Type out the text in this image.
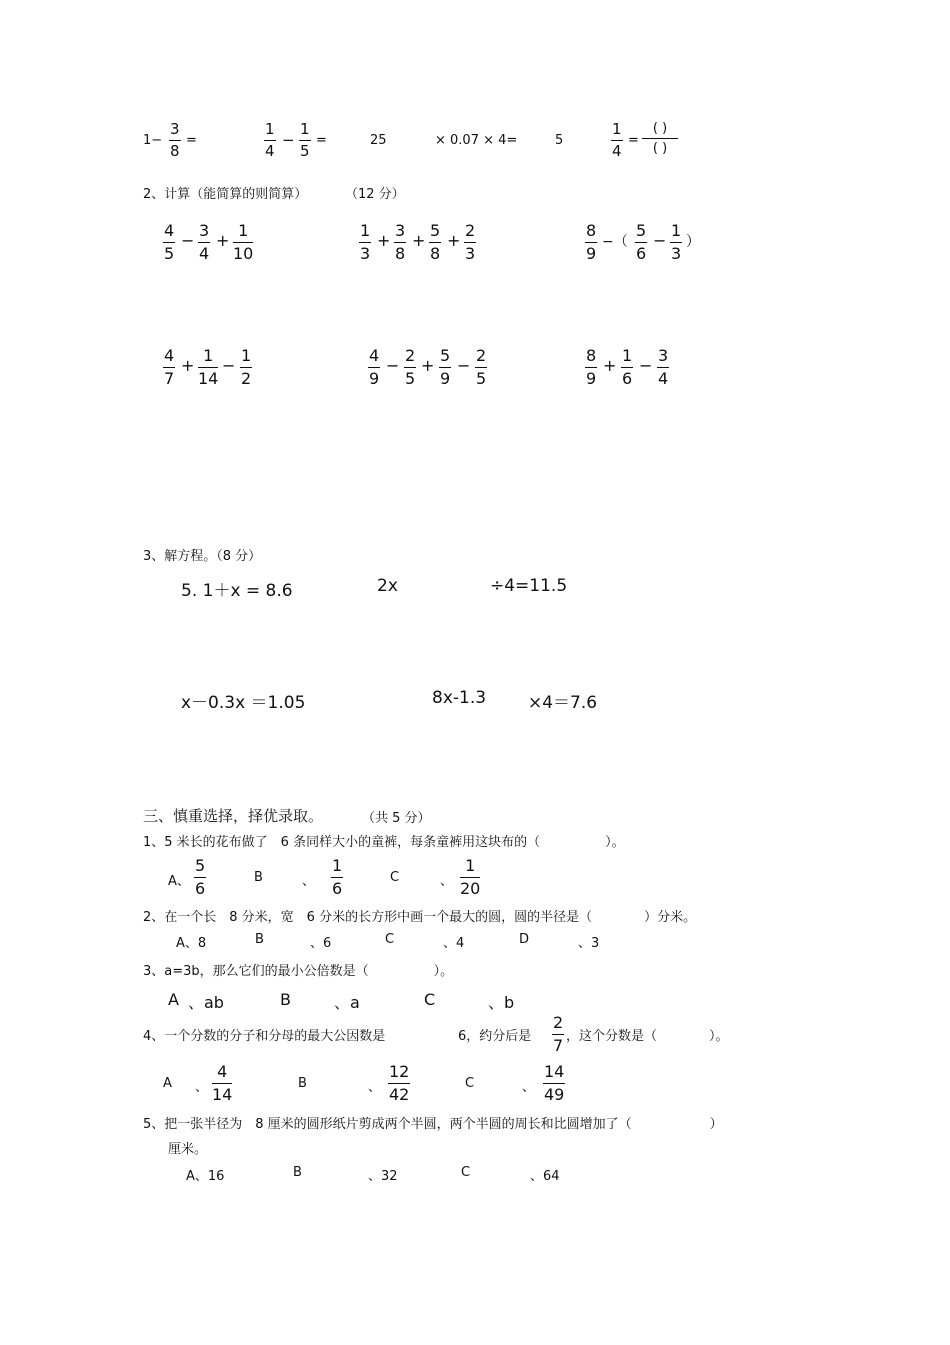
1−
3
8
=
1
4
−
1
5
=	25	× 0.07 × 4=	5
1
4
=
( )
( )
2、计算（能简算的则简算）	（12 分）
4
5
−
3
4
+
1
10
1
3
+
3
8
+
5
8
+
2
3
8
9
−（
5
6
−
1
3
）
4
7
+
1
14
−
1
2
4
9
−
2
5
+
5
9
−
2
5
8
9
+
1
6
−
3
4
3、解方程。（8 分）
5. 1＋x = 8.6	2x	÷4=11.5
x－0.3x ＝1.05	8x-1.3 ×4＝7.6
三、慎重选择，择优录取。	（共 5 分）
1、5 米长的花布做了　6 条同样大小的童裤，每条童裤用这块布的（　　　　　）。
A、
5
6
B	、
1
6
C	、
1
20
2、在一个长　8 分米，宽　6 分米的长方形中画一个最大的圆，圆的半径是（　　　　）分米。
A、8	B	、6	C	、4	D	、3
3、a=3b，那么它们的最小公倍数是（　　　　　）。
A 、ab	B	、a	C	、b
4、一个分数的分子和分母的最大公因数是	6，约分后是
2
7 ，这个分数是（　　　　）。
A 、
4
14
B	、
12
42
C	、
14
49
5、把一张半径为　8 厘米的圆形纸片剪成两个半圆，两个半圆的周长和比圆增加了（　　　　　　）
厘米。
A、16	B	、32	C	、64
